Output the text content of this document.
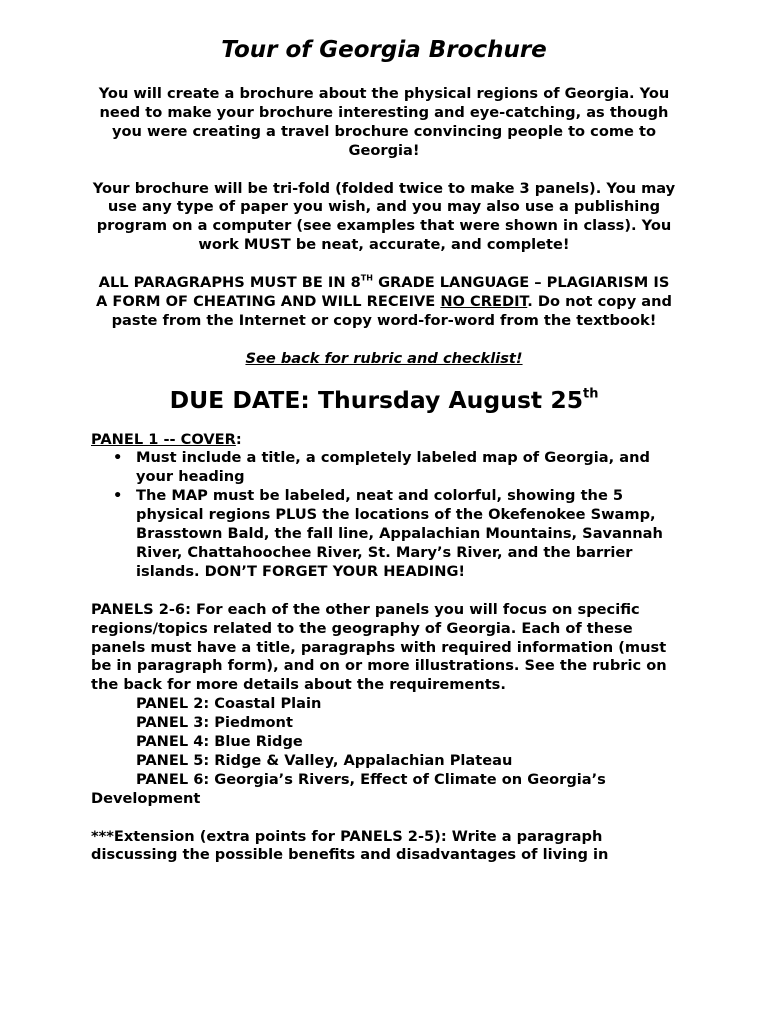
Tour of Georgia Brochure

You will create a brochure about the physical regions of Georgia. You need to make your brochure interesting and eye-catching, as though you were creating a travel brochure convincing people to come to Georgia!

Your brochure will be tri-fold (folded twice to make 3 panels). You may use any type of paper you wish, and you may also use a publishing program on a computer (see examples that were shown in class). You work MUST be neat, accurate, and complete!

ALL PARAGRAPHS MUST BE IN 8TH GRADE LANGUAGE – PLAGIARISM IS A FORM OF CHEATING AND WILL RECEIVE NO CREDIT. Do not copy and paste from the Internet or copy word-for-word from the textbook!

See back for rubric and checklist!

DUE DATE: Thursday August 25th

PANEL 1 -- COVER:

• Must include a title, a completely labeled map of Georgia, and your heading
• The MAP must be labeled, neat and colorful, showing the 5 physical regions PLUS the locations of the Okefenokee Swamp, Brasstown Bald, the fall line, Appalachian Mountains, Savannah River, Chattahoochee River, St. Mary’s River, and the barrier islands. DON’T FORGET YOUR HEADING!

PANELS 2-6: For each of the other panels you will focus on specific regions/topics related to the geography of Georgia. Each of these panels must have a title, paragraphs with required information (must be in paragraph form), and on or more illustrations. See the rubric on the back for more details about the requirements.

PANEL 2: Coastal Plain
PANEL 3: Piedmont
PANEL 4: Blue Ridge
PANEL 5: Ridge & Valley, Appalachian Plateau
PANEL 6: Georgia’s Rivers, Effect of Climate on Georgia’s Development

***Extension (extra points for PANELS 2-5): Write a paragraph discussing the possible benefits and disadvantages of living in
